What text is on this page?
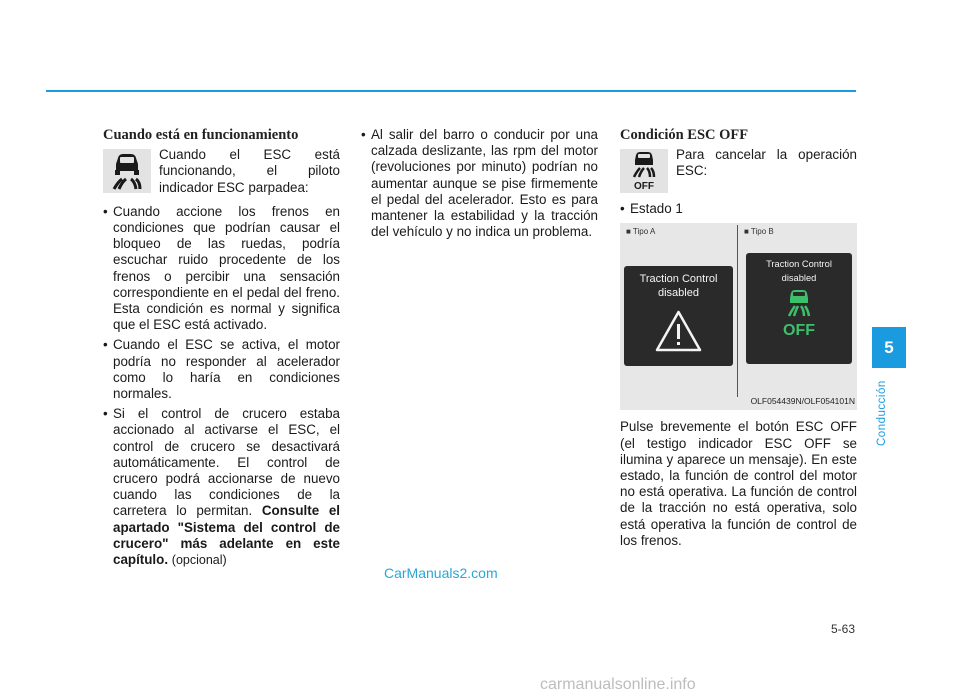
Cuando está en funcionamiento
Cuando el ESC está funcionando, el piloto indicador ESC parpadea:
• Cuando accione los frenos en condiciones que podrían causar el bloqueo de las ruedas, podría escuchar ruido procedente de los frenos o percibir una sensación correspondiente en el pedal del freno. Esta condición es normal y significa que el ESC está activado.

• Cuando el ESC se activa, el motor podría no responder al acelerador como lo haría en condiciones normales.

• Si el control de crucero estaba accionado al activarse el ESC, el control de crucero se desactivará automáticamente. El control de crucero podrá accionarse de nuevo cuando las condiciones de la carretera lo permitan. Consulte el apartado "Sistema del control de crucero" más adelante en este capítulo. (opcional)

• Al salir del barro o conducir por una calzada deslizante, las rpm del motor (revoluciones por minuto) podrían no aumentar aunque se pise firmemente el pedal del acelerador. Esto es para mantener la estabilidad y la tracción del vehículo y no indica un problema.

Condición ESC OFF
OFF
Para cancelar la operación ESC:
• Estado 1

■ Tipo A	■ Tipo B
Traction Control
disabled
Traction Control
disabled
OFF
OLF054439N/OLF054101N
Pulse brevemente el botón ESC OFF (el testigo indicador ESC OFF se ilumina y aparece un mensaje). En este estado, la función de control del motor no está operativa. La función de control de la tracción no está operativa, solo está operativa la función de control de los frenos.
5
Conducción
5-63
CarManuals2.com
carmanualsonline.info
